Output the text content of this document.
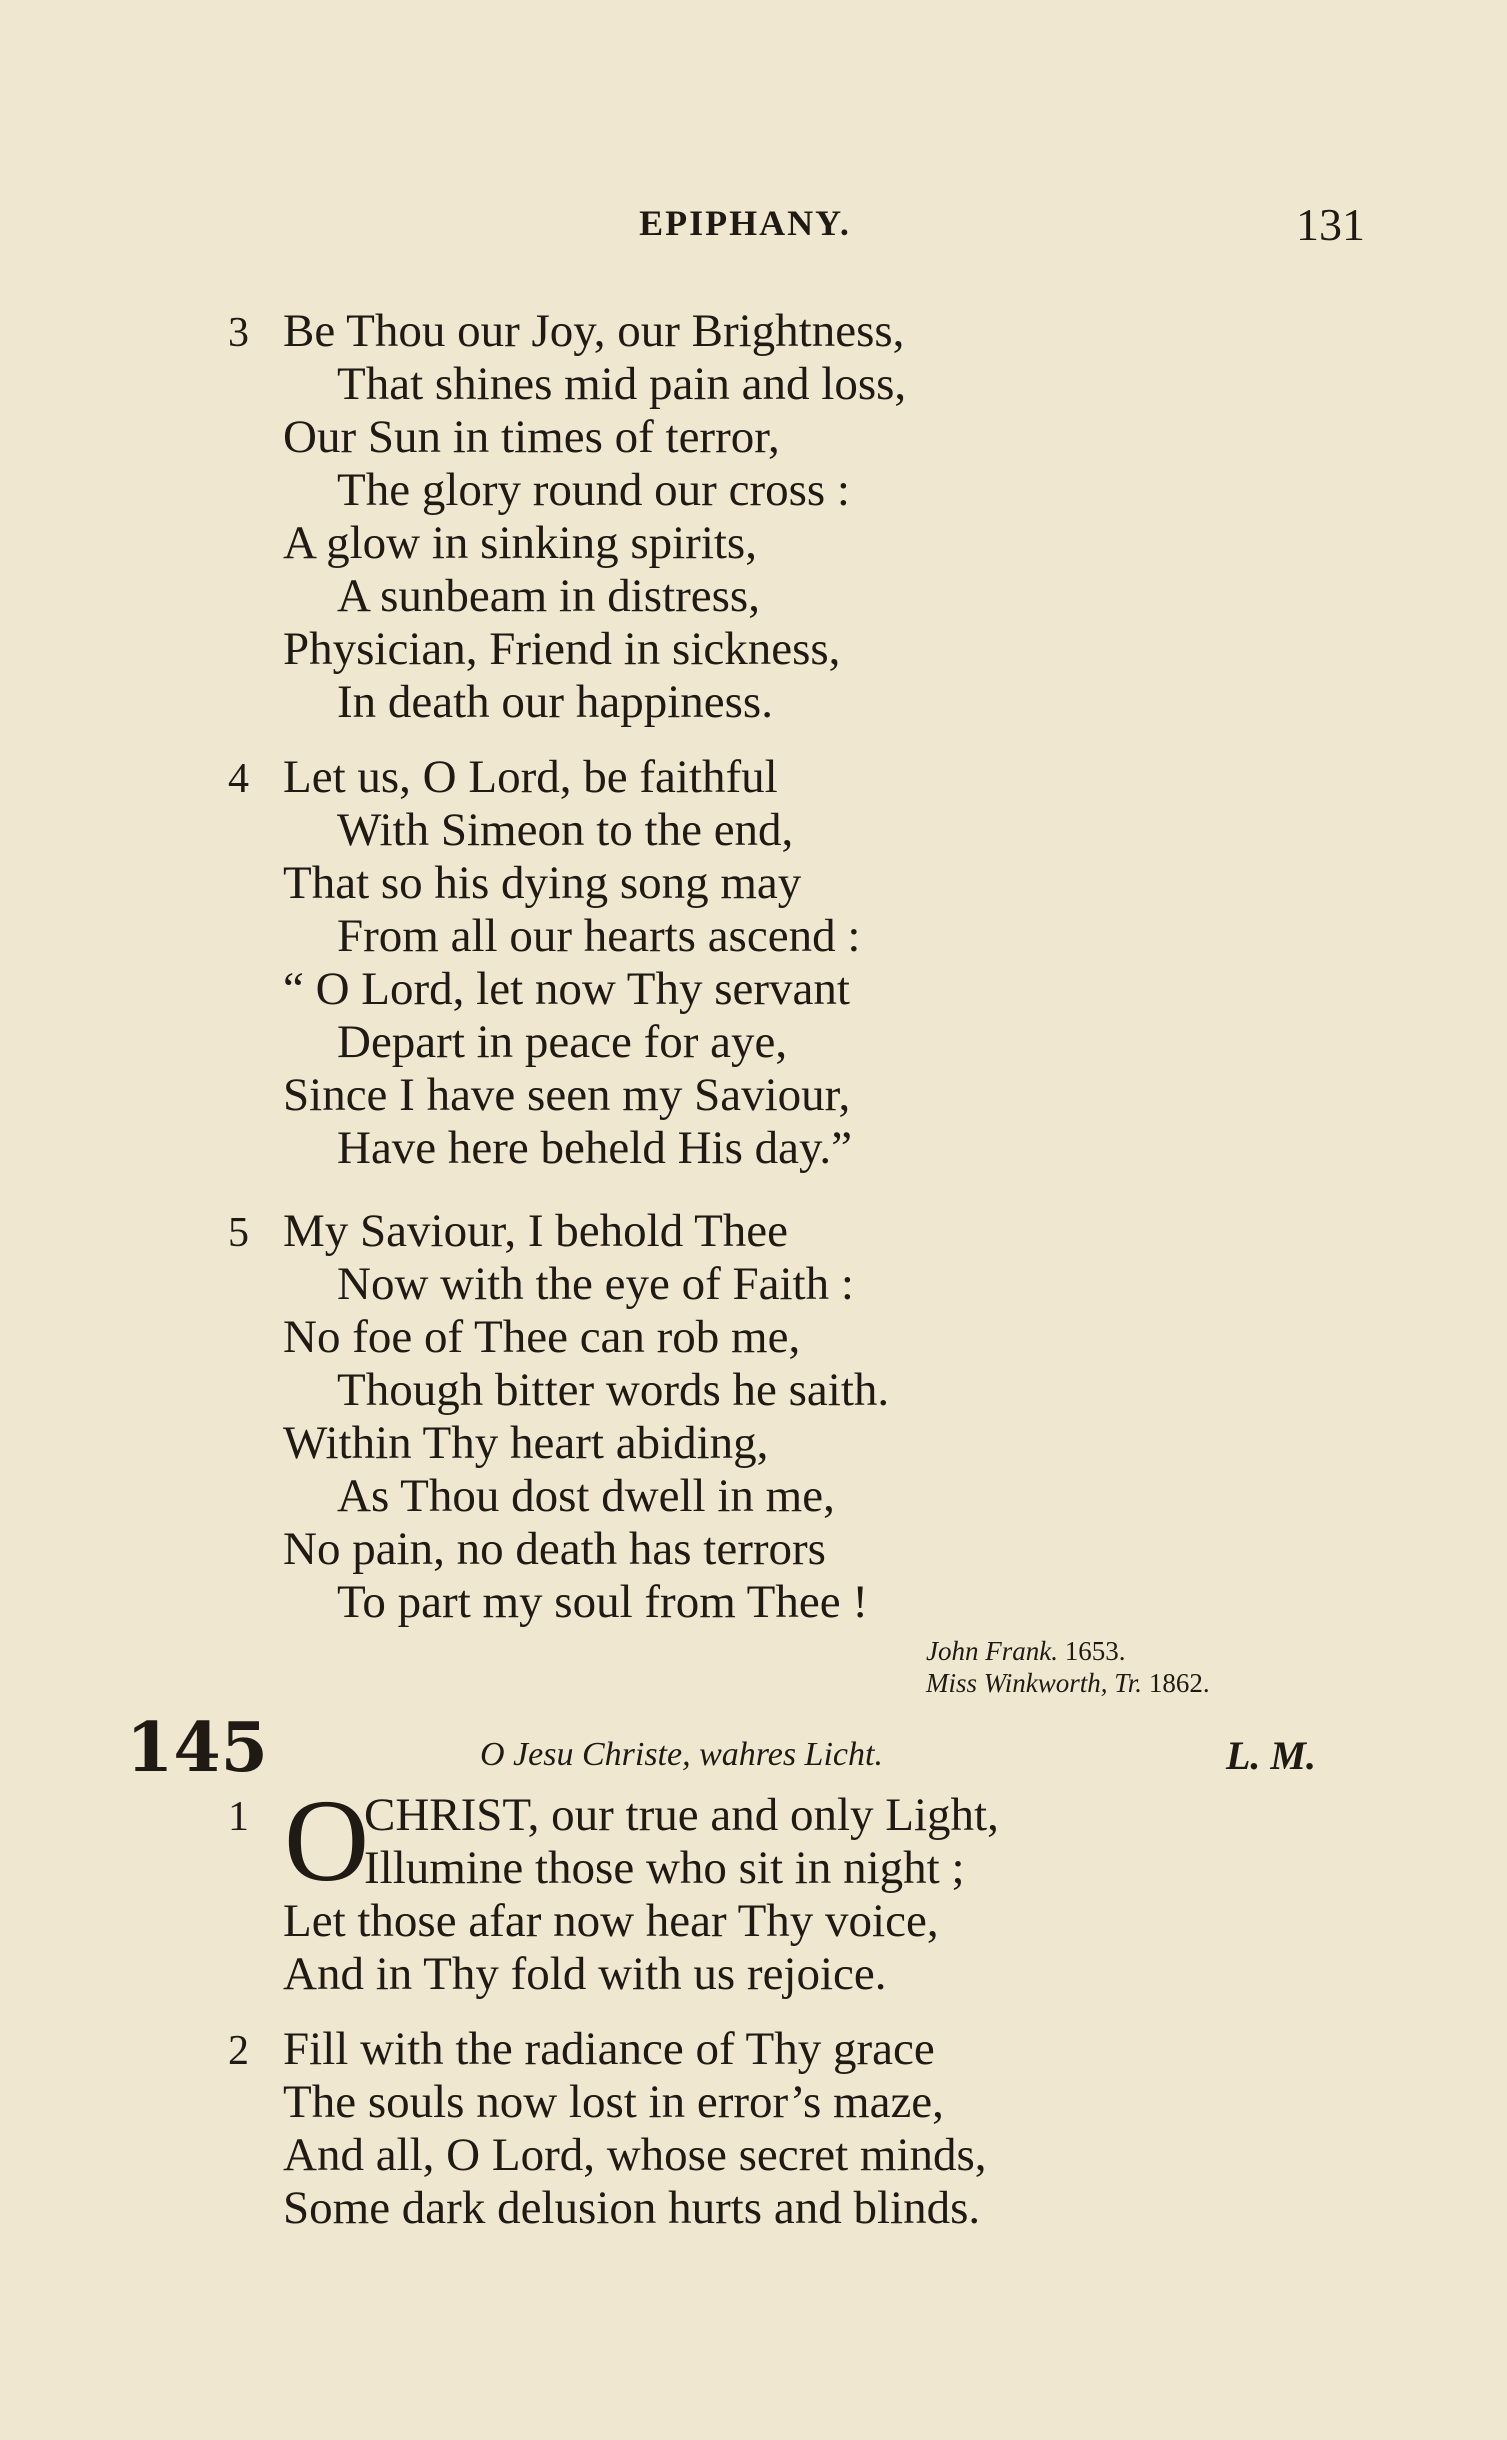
EPIPHANY.	131
3 Be Thou our Joy, our Brightness,
That shines mid pain and loss,
Our Sun in times of terror,
The glory round our cross :
A glow in sinking spirits,
A sunbeam in distress,
Physician, Friend in sickness,
In death our happiness.
4 Let us, O Lord, be faithful
With Simeon to the end,
That so his dying song may
From all our hearts ascend :
“ O Lord, let now Thy servant
Depart in peace for aye,
Since I have seen my Saviour,
Have here beheld His day.”
5 My Saviour, I behold Thee
Now with the eye of Faith :
No foe of Thee can rob me,
Though bitter words he saith.
Within Thy heart abiding,
As Thou dost dwell in me,
No pain, no death has terrors
To part my soul from Thee !
John Frank. 1653.
Miss Winkworth, Tr. 1862.
145	O Jesu Christe, wahres Licht.	L. M.
1 O
CHRIST, our true and only Light,
Illumine those who sit in night ;
Let those afar now hear Thy voice,
And in Thy fold with us rejoice.
2 Fill with the radiance of Thy grace
The souls now lost in error’s maze,
And all, O Lord, whose secret minds,
Some dark delusion hurts and blinds.
